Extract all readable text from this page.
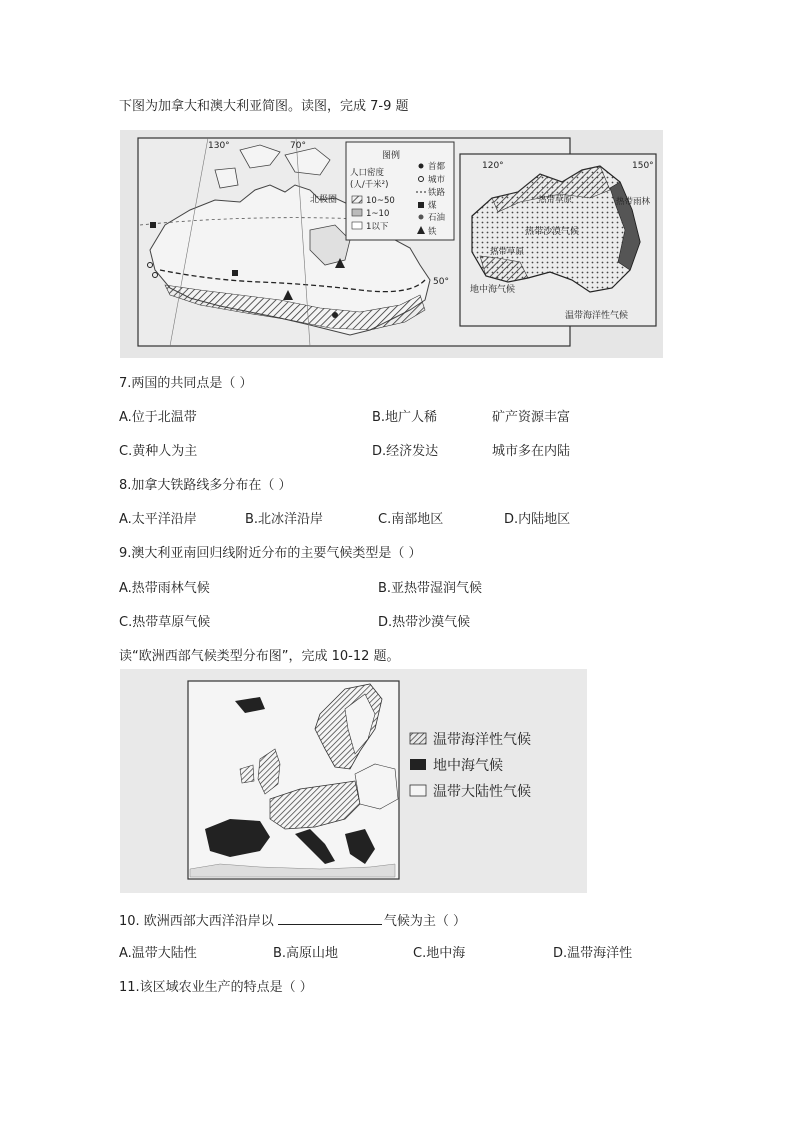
下图为加拿大和澳大利亚简图。读图，完成 7-9 题
130°	70°
北极圈
50°
图例
人口密度
(人/千米²)
10~50
1~10
1以下
首都
城市
铁路
煤
石油
铁
120°	150°
热带雨林
热带草原
热带沙漠气候
热带草原
地中海气候
温带海洋性气候
7.两国的共同点是（ ）
A.位于北温带	B.地广人稀	矿产资源丰富
C.黄种人为主	D.经济发达	城市多在内陆
8.加拿大铁路线多分布在（ ）
A.太平洋沿岸	B.北冰洋沿岸	C.南部地区	D.内陆地区
9.澳大利亚南回归线附近分布的主要气候类型是（ ）
A.热带雨林气候	B.亚热带湿润气候
C.热带草原气候	D.热带沙漠气候
读“欧洲西部气候类型分布图”，完成 10-12 题。
温带海洋性气候
地中海气候
温带大陆性气候
10. 欧洲西部大西洋沿岸以	气候为主（ ）
A.温带大陆性	B.高原山地	C.地中海	D.温带海洋性
11.该区域农业生产的特点是（ ）
